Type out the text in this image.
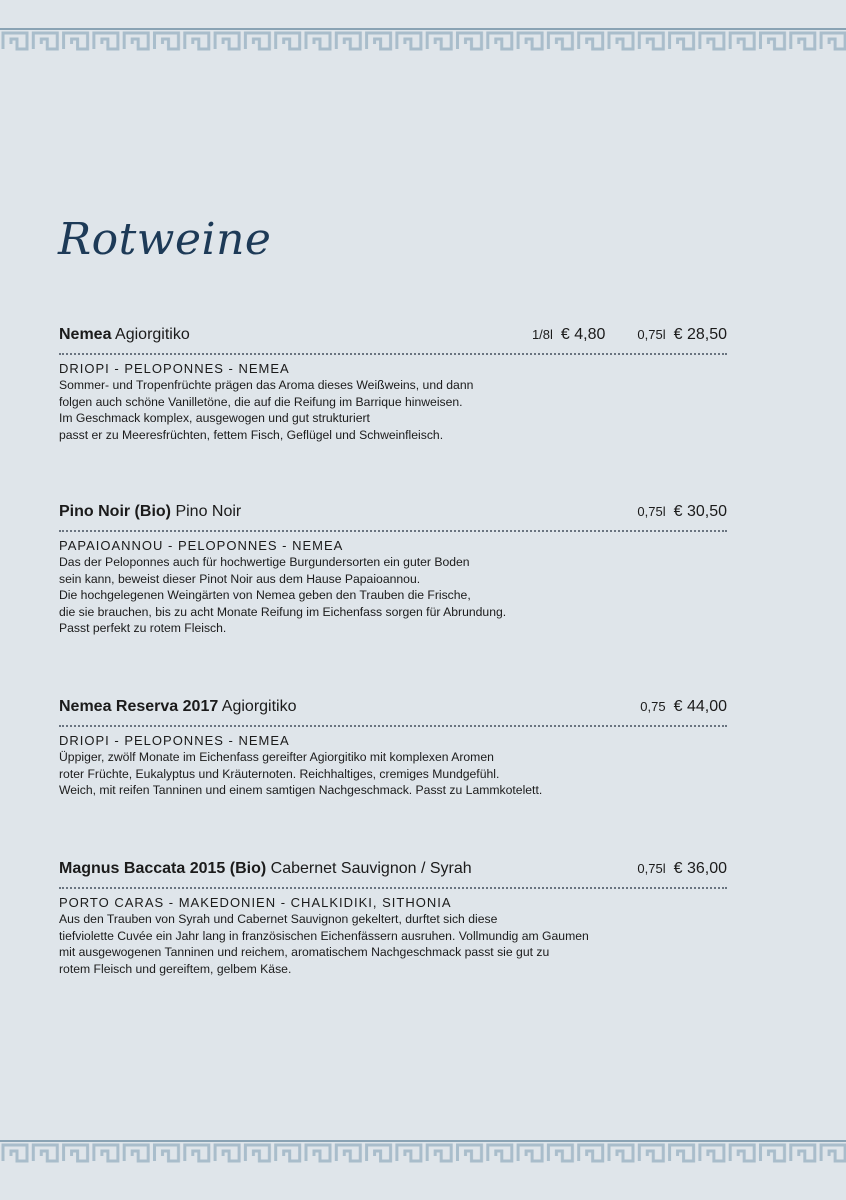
Rotweine
Nemea Agiorgitiko	1/8l € 4,80 0,75l € 28,50
DRIOPI - PELOPONNES - NEMEA

Sommer- und Tropenfrüchte prägen das Aroma dieses Weißweins, und dann
folgen auch schöne Vanilletöne, die auf die Reifung im Barrique hinweisen.
Im Geschmack komplex, ausgewogen und gut strukturiert
passt er zu Meeresfrüchten, fettem Fisch, Geflügel und Schweinfleisch.

Pino Noir (Bio) Pino Noir	0,75l € 30,50
PAPAIOANNOU - PELOPONNES - NEMEA

Das der Peloponnes auch für hochwertige Burgundersorten ein guter Boden
sein kann, beweist dieser Pinot Noir aus dem Hause Papaioannou.
Die hochgelegenen Weingärten von Nemea geben den Trauben die Frische,
die sie brauchen, bis zu acht Monate Reifung im Eichenfass sorgen für Abrundung.
Passt perfekt zu rotem Fleisch.

Nemea Reserva 2017 Agiorgitiko	0,75 € 44,00
DRIOPI - PELOPONNES - NEMEA

Üppiger, zwölf Monate im Eichenfass gereifter Agiorgitiko mit komplexen Aromen
roter Früchte, Eukalyptus und Kräuternoten. Reichhaltiges, cremiges Mundgefühl.
Weich, mit reifen Tanninen und einem samtigen Nachgeschmack. Passt zu Lammkotelett.

Magnus Baccata 2015 (Bio) Cabernet Sauvignon / Syrah	0,75l € 36,00
PORTO CARAS - MAKEDONIEN - CHALKIDIKI, SITHONIA

Aus den Trauben von Syrah und Cabernet Sauvignon gekeltert, durftet sich diese
tiefviolette Cuvée ein Jahr lang in französischen Eichenfässern ausruhen. Vollmundig am Gaumen
mit ausgewogenen Tanninen und reichem, aromatischem Nachgeschmack passt sie gut zu
rotem Fleisch und gereiftem, gelbem Käse.
